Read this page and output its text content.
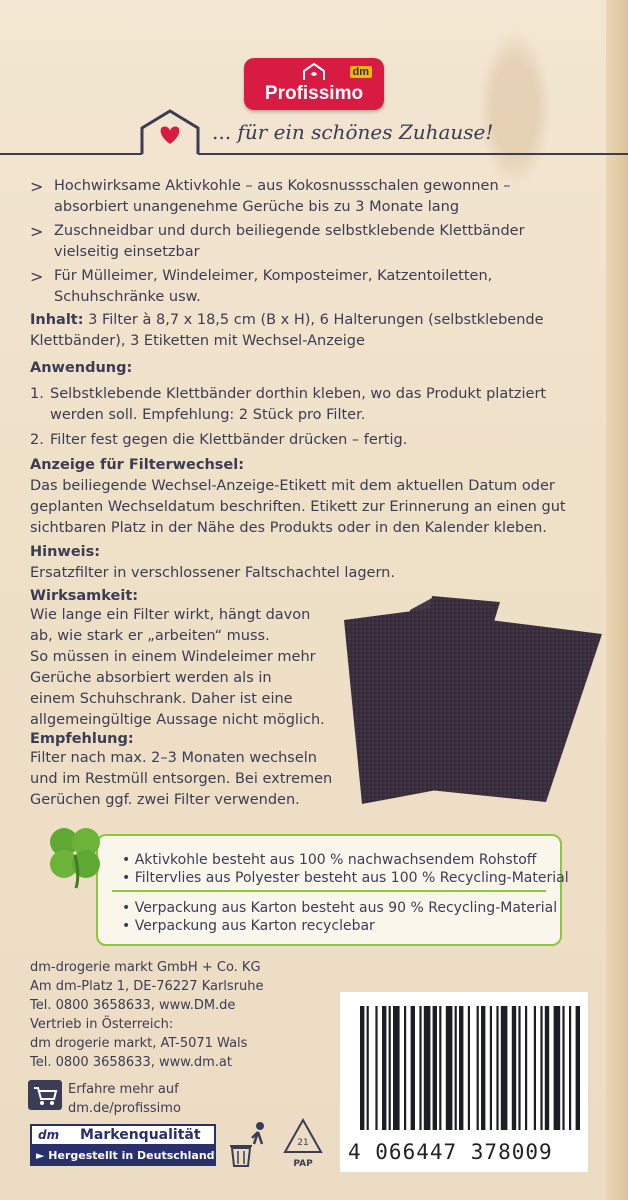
dm
Profissimo
... für ein schönes Zuhause!
> Hochwirksame Aktivkohle – aus Kokosnussschalen gewonnen –
absorbiert unangenehme Gerüche bis zu 3 Monate lang
> Zuschneidbar und durch beiliegende selbstklebende Klettbänder
vielseitig einsetzbar
> Für Mülleimer, Windeleimer, Komposteimer, Katzentoiletten,
Schuhschränke usw.
Inhalt: 3 Filter à 8,7 x 18,5 cm (B x H), 6 Halterungen (selbstklebende
Klettbänder), 3 Etiketten mit Wechsel-Anzeige
Anwendung:
1. Selbstklebende Klettbänder dorthin kleben, wo das Produkt platziert
werden soll. Empfehlung: 2 Stück pro Filter.
2. Filter fest gegen die Klettbänder drücken – fertig.
Anzeige für Filterwechsel:
Das beiliegende Wechsel-Anzeige-Etikett mit dem aktuellen Datum oder
geplanten Wechseldatum beschriften. Etikett zur Erinnerung an einen gut
sichtbaren Platz in der Nähe des Produkts oder in den Kalender kleben.
Hinweis:
Ersatzfilter in verschlossener Faltschachtel lagern.
Wirksamkeit:
Wie lange ein Filter wirkt, hängt davon
ab, wie stark er „arbeiten“ muss.
So müssen in einem Windeleimer mehr
Gerüche absorbiert werden als in
einem Schuhschrank. Daher ist eine
allgemeingültige Aussage nicht möglich.
Empfehlung:
Filter nach max. 2–3 Monaten wechseln
und im Restmüll entsorgen. Bei extremen
Gerüchen ggf. zwei Filter verwenden.
• Aktivkohle besteht aus 100 % nachwachsendem Rohstoff
• Filtervlies aus Polyester besteht aus 100 % Recycling-Material
• Verpackung aus Karton besteht aus 90 % Recycling-Material
• Verpackung aus Karton recyclebar
dm-drogerie markt GmbH + Co. KG
Am dm-Platz 1, DE-76227 Karlsruhe
Tel. 0800 3658633, www.DM.de
Vertrieb in Österreich:
dm drogerie markt, AT-5071 Wals
Tel. 0800 3658633, www.dm.at
Erfahre mehr auf
dm.de/profissimo
dm Markenqualität
► Hergestellt in Deutschland
21
PAP 4 066447 378009
